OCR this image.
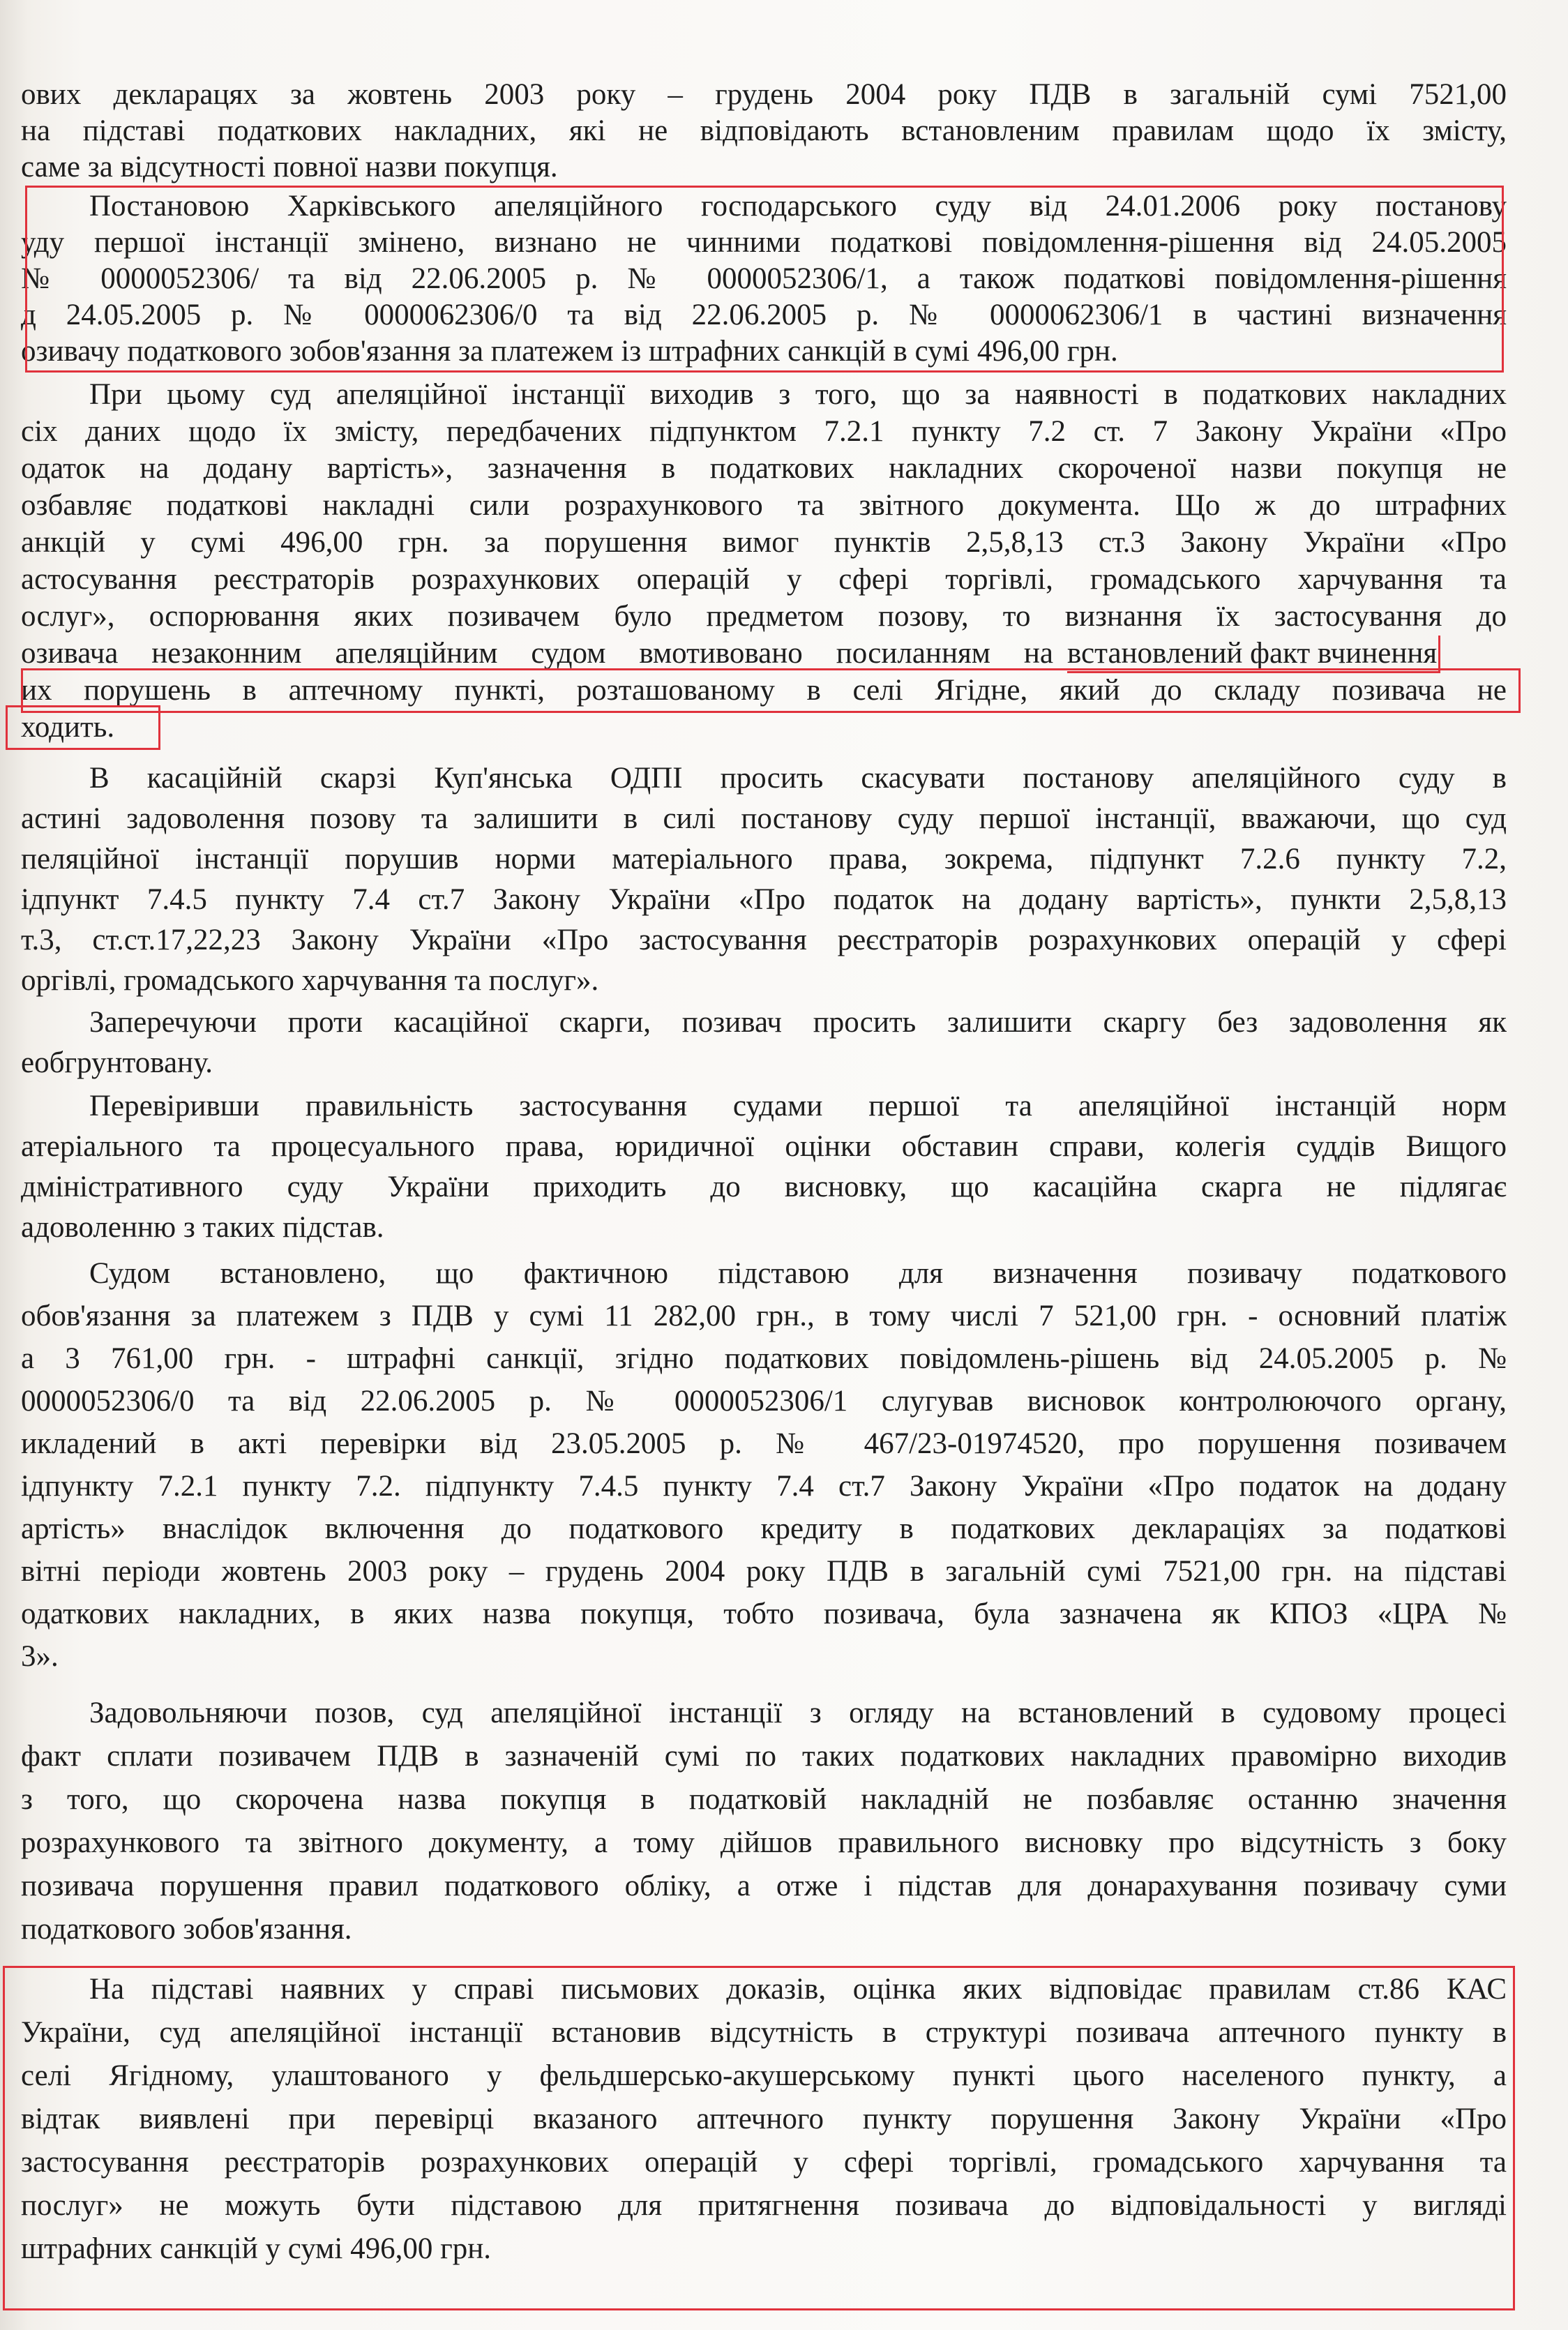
ових декларацях за жовтень 2003 року – грудень 2004 року ПДВ в загальній сумі 7521,00
на підставі податкових накладних, які не відповідають встановленим правилам щодо їх змісту,
саме за відсутності повної назви покупця.
Постановою Харківського апеляційного господарського суду від 24.01.2006 року постанову
уду першої інстанції змінено, визнано не чинними податкові повідомлення-рішення від 24.05.2005
№ 0000052306/ та від 22.06.2005 р. № 0000052306/1, а також податкові повідомлення-рішення
д 24.05.2005 р. № 0000062306/0 та від 22.06.2005 р. № 0000062306/1 в частині визначення
озивачу податкового зобов'язання за платежем із штрафних санкцій в сумі 496,00 грн.
При цьому суд апеляційної інстанції виходив з того, що за наявності в податкових накладних
сіх даних щодо їх змісту, передбачених підпунктом 7.2.1 пункту 7.2 ст. 7 Закону України «Про
одаток на додану вартість», зазначення в податкових накладних скороченої назви покупця не
озбавляє податкові накладні сили розрахункового та звітного документа. Що ж до штрафних
анкцій у сумі 496,00 грн. за порушення вимог пунктів 2,5,8,13 ст.3 Закону України «Про
астосування реєстраторів розрахункових операцій у сфері торгівлі, громадського харчування та
ослуг», оспорювання яких позивачем було предметом позову, то визнання їх застосування до
озивача незаконним апеляційним судом вмотивовано посиланням на встановлений факт вчинення
их порушень в аптечному пункті, розташованому в селі Ягідне, який до складу позивача не
ходить.
В касаційній скарзі Куп'янська ОДПІ просить скасувати постанову апеляційного суду в
астині задоволення позову та залишити в силі постанову суду першої інстанції, вважаючи, що суд
пеляційної інстанції порушив норми матеріального права, зокрема, підпункт 7.2.6 пункту 7.2,
ідпункт 7.4.5 пункту 7.4 ст.7 Закону України «Про податок на додану вартість», пункти 2,5,8,13
т.3, ст.ст.17,22,23 Закону України «Про застосування реєстраторів розрахункових операцій у сфері
оргівлі, громадського харчування та послуг».
Заперечуючи проти касаційної скарги, позивач просить залишити скаргу без задоволення як
еобгрунтовану.
Перевіривши правильність застосування судами першої та апеляційної інстанцій норм
атеріального та процесуального права, юридичної оцінки обставин справи, колегія суддів Вищого
дміністративного суду України приходить до висновку, що касаційна скарга не підлягає
адоволенню з таких підстав.
Судом встановлено, що фактичною підставою для визначення позивачу податкового
обов'язання за платежем з ПДВ у сумі 11 282,00 грн., в тому числі 7 521,00 грн. - основний платіж
а 3 761,00 грн. - штрафні санкції, згідно податкових повідомлень-рішень від 24.05.2005 р. №
0000052306/0 та від 22.06.2005 р. № 0000052306/1 слугував висновок контролюючого органу,
икладений в акті перевірки від 23.05.2005 р. № 467/23-01974520, про порушення позивачем
ідпункту 7.2.1 пункту 7.2. підпункту 7.4.5 пункту 7.4 ст.7 Закону України «Про податок на додану
артість» внаслідок включення до податкового кредиту в податкових деклараціях за податкові
вітні періоди жовтень 2003 року – грудень 2004 року ПДВ в загальній сумі 7521,00 грн. на підставі
одаткових накладних, в яких назва покупця, тобто позивача, була зазначена як КПОЗ «ЦРА №
3».
Задовольняючи позов, суд апеляційної інстанції з огляду на встановлений в судовому процесі
факт сплати позивачем ПДВ в зазначеній сумі по таких податкових накладних правомірно виходив
з того, що скорочена назва покупця в податковій накладній не позбавляє останню значення
розрахункового та звітного документу, а тому дійшов правильного висновку про відсутність з боку
позивача порушення правил податкового обліку, а отже і підстав для донарахування позивачу суми
податкового зобов'язання.
На підставі наявних у справі письмових доказів, оцінка яких відповідає правилам ст.86 КАС
України, суд апеляційної інстанції встановив відсутність в структурі позивача аптечного пункту в
селі Ягідному, улаштованого у фельдшерсько-акушерському пункті цього населеного пункту, а
відтак виявлені при перевірці вказаного аптечного пункту порушення Закону України «Про
застосування реєстраторів розрахункових операцій у сфері торгівлі, громадського харчування та
послуг» не можуть бути підставою для притягнення позивача до відповідальності у вигляді
штрафних санкцій у сумі 496,00 грн.
